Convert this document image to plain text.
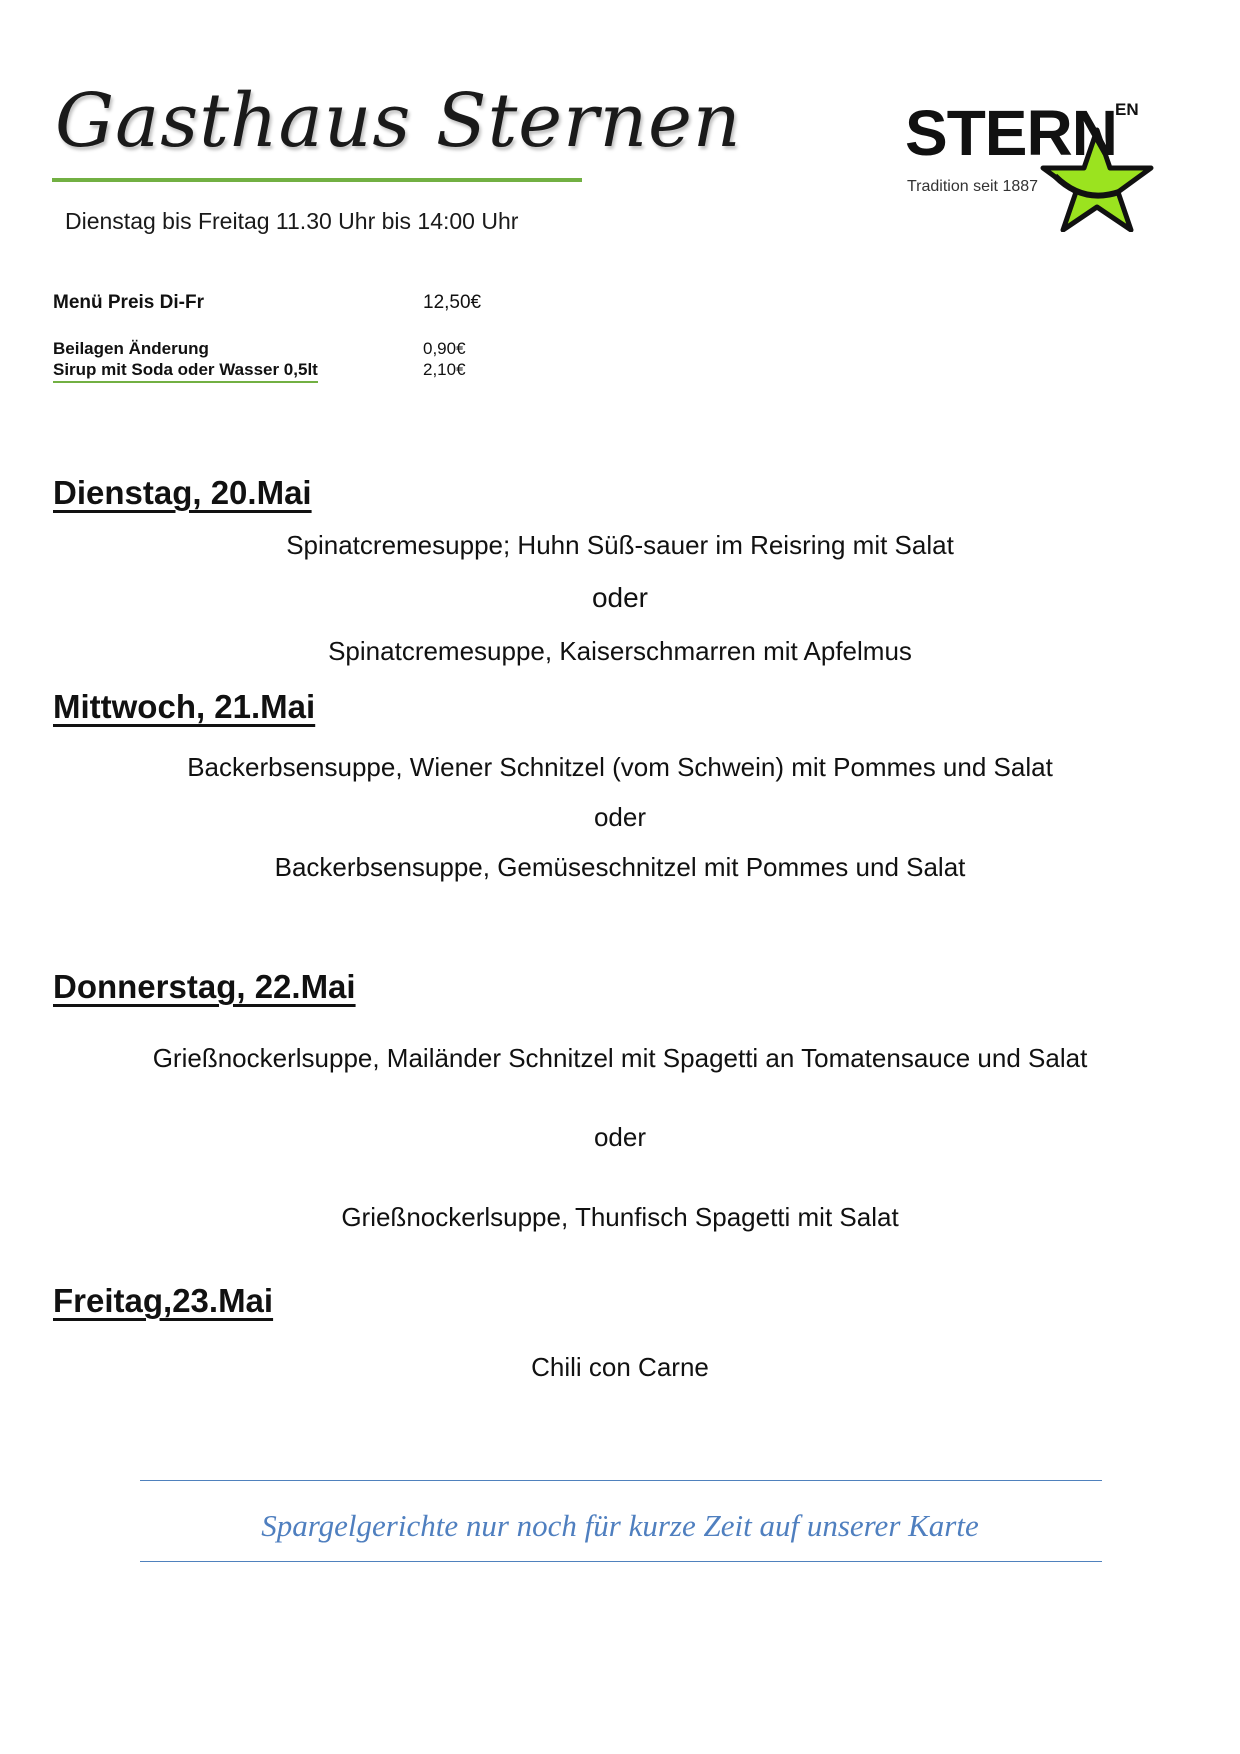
Gasthaus Sternen
Dienstag bis Freitag 11.30 Uhr bis 14:00 Uhr
STERN
EN
Tradition seit 1887
Menü Preis Di-Fr	12,50€
Beilagen Änderung	0,90€
Sirup mit Soda oder Wasser 0,5lt	2,10€
Dienstag, 20.Mai
Spinatcremesuppe; Huhn Süß-sauer im Reisring mit Salat
oder
Spinatcremesuppe, Kaiserschmarren mit Apfelmus
Mittwoch, 21.Mai
Backerbsensuppe, Wiener Schnitzel (vom Schwein) mit Pommes und Salat
oder
Backerbsensuppe, Gemüseschnitzel mit Pommes und Salat
Donnerstag, 22.Mai
Grießnockerlsuppe, Mailänder Schnitzel mit Spagetti an Tomatensauce und Salat
oder
Grießnockerlsuppe, Thunfisch Spagetti mit Salat
Freitag,23.Mai
Chili con Carne
Spargelgerichte nur noch für kurze Zeit auf unserer Karte
